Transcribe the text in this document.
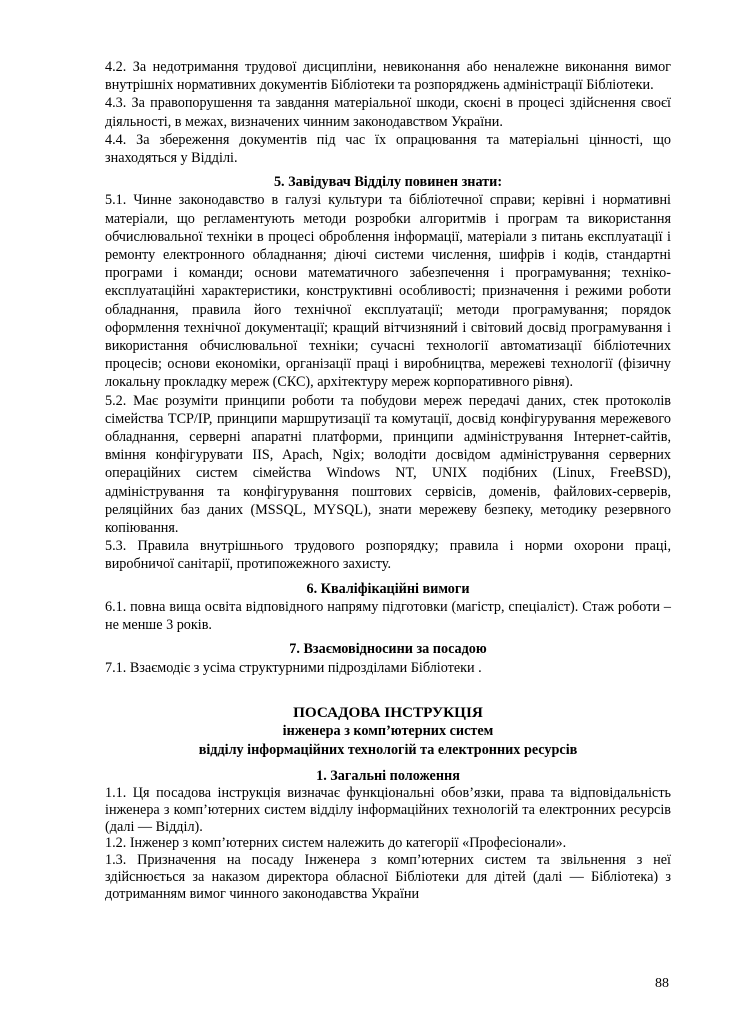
4.2. За недотримання трудової дисципліни, невиконання або неналежне виконання вимог внутрішніх нормативних документів Бібліотеки та розпоряджень адміністрації Бібліотеки.

4.3. За правопорушення та завдання матеріальної шкоди, скоєні в процесі здійснення своєї діяльності, в межах, визначених чинним законодавством України.

4.4. За збереження документів під час їх опрацювання та матеріальні цінності, що знаходяться у Відділі.

5. Завідувач Відділу повинен знати:

5.1. Чинне законодавство в галузі культури та бібліотечної справи; керівні і нормативні матеріали, що регламентують методи розробки алгоритмів і програм та використання обчислювальної техніки в процесі оброблення інформації, матеріали з питань експлуатації і ремонту електронного обладнання; діючі системи числення, шифрів і кодів, стандартні програми і команди; основи математичного забезпечення і програмування; техніко-експлуатаційні характеристики, конструктивні особливості; призначення і режими роботи обладнання, правила його технічної експлуатації; методи програмування; порядок оформлення технічної документації; кращий вітчизняний і світовий досвід програмування і використання обчислювальної техніки; сучасні технології автоматизації бібліотечних процесів; основи економіки, організації праці і виробництва, мережеві технології (фізичну локальну прокладку мереж (СКС), архітектуру мереж корпоративного рівня).

5.2. Має розуміти принципи роботи та побудови мереж передачі даних, стек протоколів сімейства TCP/IP, принципи маршрутизації та комутації, досвід конфігурування мережевого обладнання, серверні апаратні платформи, принципи адміністрування Інтернет-сайтів, вміння конфігурувати IIS, Apach, Ngix; володіти досвідом адміністрування серверних операційних систем сімейства Windows NT, UNIX подібних (Linux, FreeBSD), адміністрування та конфігурування поштових сервісів, доменів, файлових-серверів, реляційних баз даних (MSSQL, MYSQL), знати мережеву безпеку, методику резервного копіювання.

5.3. Правила внутрішнього трудового розпорядку; правила і норми охорони праці, виробничої санітарії, протипожежного захисту.

6. Кваліфікаційні вимоги

6.1. повна вища освіта відповідного напряму підготовки (магістр, спеціаліст). Стаж роботи – не менше 3 років.

7. Взаємовідносини за посадою

7.1. Взаємодіє з усіма структурними підрозділами Бібліотеки .

ПОСАДОВА ІНСТРУКЦІЯ

інженера з комп’ютерних систем

відділу інформаційних технологій та електронних ресурсів

1. Загальні положення

1.1. Ця посадова інструкція визначає функціональні обов’язки, права та відповідальність інженера з комп’ютерних систем відділу інформаційних технологій та електронних ресурсів (далі — Відділ).

1.2. Інженер з комп’ютерних систем належить до категорії «Професіонали».

1.3. Призначення на посаду Інженера з комп’ютерних систем та звільнення з неї здійснюється за наказом директора обласної Бібліотеки для дітей (далі — Бібліотека) з дотриманням вимог чинного законодавства України

88
